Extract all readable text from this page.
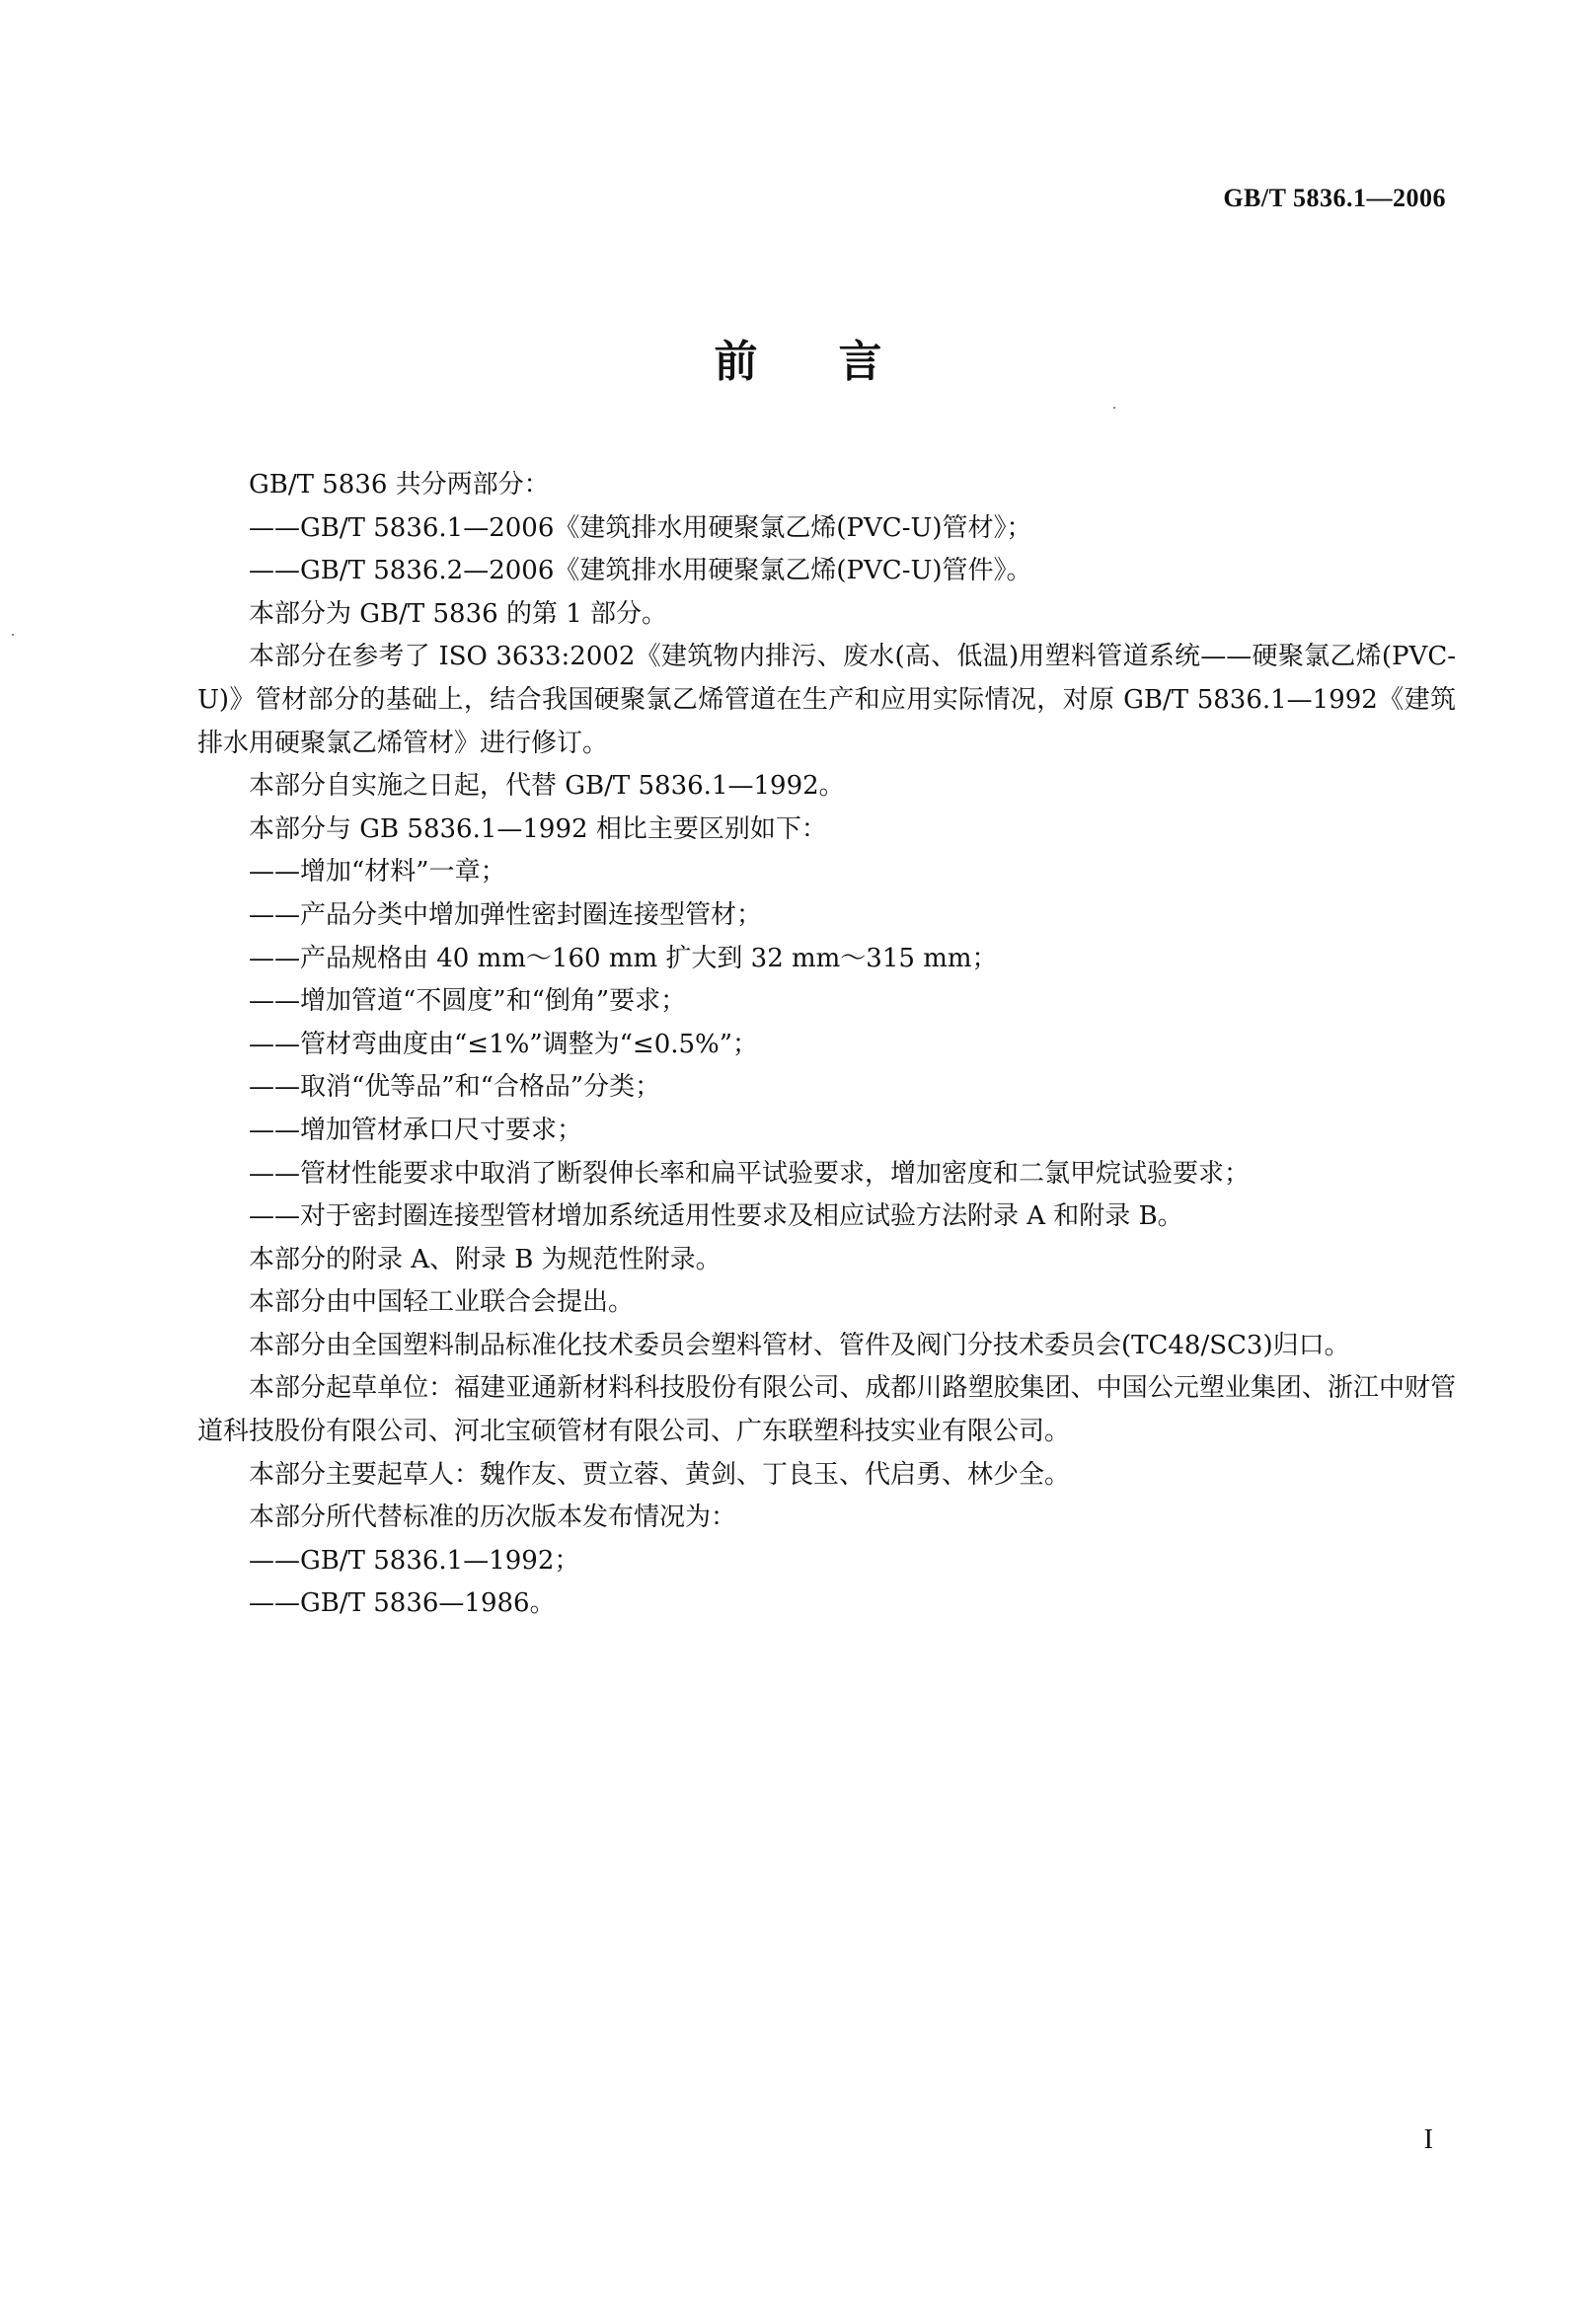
GB/T 5836.1—2006
前言

GB/T 5836 共分两部分：

——GB/T 5836.1—2006《建筑排水用硬聚氯乙烯(PVC-U)管材》；

——GB/T 5836.2—2006《建筑排水用硬聚氯乙烯(PVC-U)管件》。

本部分为 GB/T 5836 的第 1 部分。

本部分在参考了 ISO 3633:2002《建筑物内排污、废水(高、低温)用塑料管道系统——硬聚氯乙烯(PVC-U)》管材部分的基础上，结合我国硬聚氯乙烯管道在生产和应用实际情况，对原 GB/T 5836.1—1992《建筑排水用硬聚氯乙烯管材》进行修订。

本部分自实施之日起，代替 GB/T 5836.1—1992。

本部分与 GB 5836.1—1992 相比主要区别如下：

——增加“材料”一章；

——产品分类中增加弹性密封圈连接型管材；

——产品规格由 40 mm～160 mm 扩大到 32 mm～315 mm；

——增加管道“不圆度”和“倒角”要求；

——管材弯曲度由“≤1%”调整为“≤0.5%”；

——取消“优等品”和“合格品”分类；

——增加管材承口尺寸要求；

——管材性能要求中取消了断裂伸长率和扁平试验要求，增加密度和二氯甲烷试验要求；

——对于密封圈连接型管材增加系统适用性要求及相应试验方法附录 A 和附录 B。

本部分的附录 A、附录 B 为规范性附录。

本部分由中国轻工业联合会提出。

本部分由全国塑料制品标准化技术委员会塑料管材、管件及阀门分技术委员会(TC48/SC3)归口。

本部分起草单位：福建亚通新材料科技股份有限公司、成都川路塑胶集团、中国公元塑业集团、浙江中财管道科技股份有限公司、河北宝硕管材有限公司、广东联塑科技实业有限公司。

本部分主要起草人：魏作友、贾立蓉、黄剑、丁良玉、代启勇、林少全。

本部分所代替标准的历次版本发布情况为：

——GB/T 5836.1—1992；

——GB/T 5836—1986。

I
